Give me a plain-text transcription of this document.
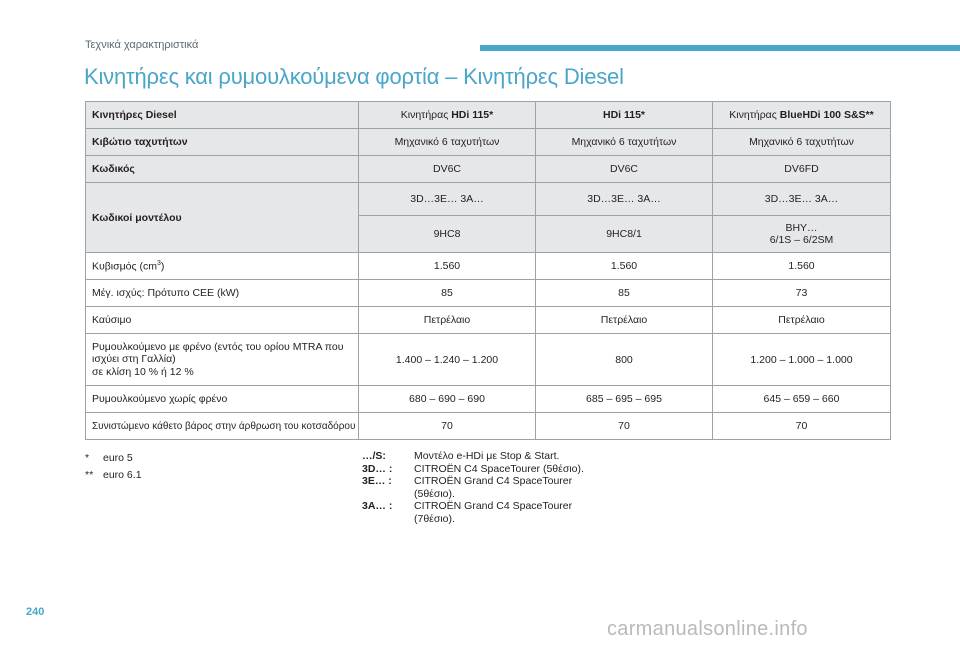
Τεχνικά χαρακτηριστικά
Κινητήρες και ρυμουλκούμενα φορτία – Κινητήρες Diesel
Κινητήρες Diesel	Κινητήρας HDi 115*	HDi 115*	Κινητήρας BlueHDi 100 S&S**
Κιβώτιο ταχυτήτων	Μηχανικό 6 ταχυτήτων	Μηχανικό 6 ταχυτήτων	Μηχανικό 6 ταχυτήτων
Κωδικός	DV6C	DV6C	DV6FD
Κωδικοί μοντέλου	3D…3E… 3A…	3D…3E… 3A…	3D…3E… 3A…
	9HC8	9HC8/1	BHY…
6/1S – 6/2SM
Κυβισμός $(cm^3)$	1.560	1.560	1.560
Μέγ. ισχύς: Πρότυπο CEE (kW)	85	85	73
Καύσιμο	Πετρέλαιο	Πετρέλαιο	Πετρέλαιο
Ρυμουλκούμενο με φρένο (εντός του ορίου MTRA που
ισχύει στη Γαλλία)
σε κλίση 10 % ή 12 %	1.400 – 1.240 – 1.200	800	1.200 – 1.000 – 1.000
Ρυμουλκούμενο χωρίς φρένο	680 – 690 – 690	685 – 695 – 695	645 – 659 – 660
Συνιστώμενο κάθετο βάρος στην άρθρωση του κοτσαδόρου	70	70	70
*	euro 5
** euro 6.1
…/S:	Μοντέλο e-HDi με Stop & Start.
3D… :	CITROËN C4 SpaceTourer (5θέσιο).
3E… :	CITROËN Grand C4 SpaceTourer
(5θέσιο).
3A… :	CITROËN Grand C4 SpaceTourer
(7θέσιο).
240
carmanualsonline.info
